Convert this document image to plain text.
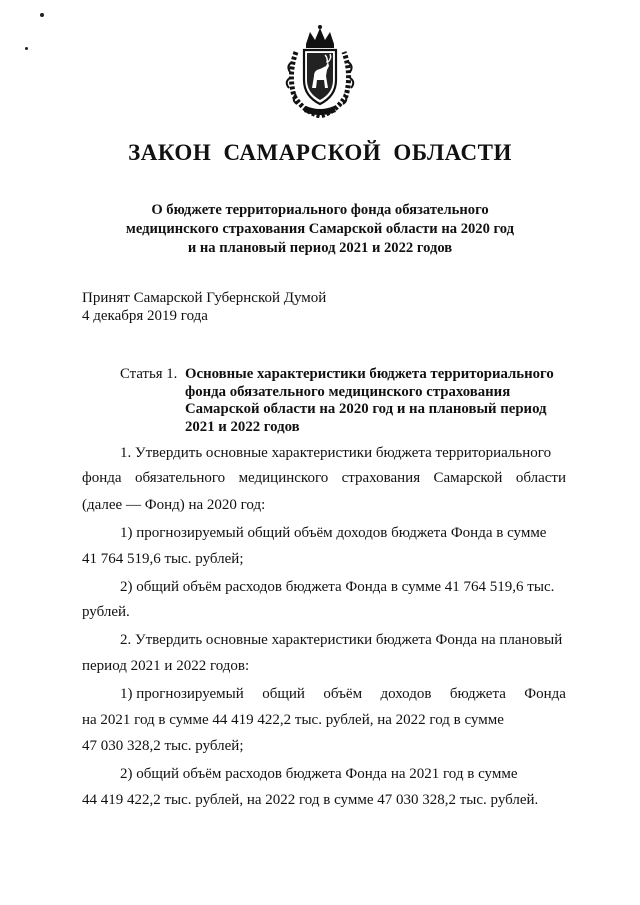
ЗАКОН САМАРСКОЙ ОБЛАСТИ
О бюджете территориального фонда обязательного
медицинского страхования Самарской области на 2020 год
и на плановый период 2021 и 2022 годов
Принят Самарской Губернской Думой
4 декабря 2019 года
Статья 1. Основные характеристики бюджета территориального
фонда обязательного медицинского страхования
Самарской области на 2020 год и на плановый период
2021 и 2022 годов
1. Утвердить основные характеристики бюджета территориального
фонда обязательного медицинского страхования Самарской области
(далее — Фонд) на 2020 год:
1) прогнозируемый общий объём доходов бюджета Фонда в сумме
41 764 519,6 тыс. рублей;
2) общий объём расходов бюджета Фонда в сумме 41 764 519,6 тыс.
рублей.
2. Утвердить основные характеристики бюджета Фонда на плановый
период 2021 и 2022 годов:
1) прогнозируемый общий объём доходов бюджета Фонда
на 2021 год в сумме 44 419 422,2 тыс. рублей, на 2022 год в сумме
47 030 328,2 тыс. рублей;
2) общий объём расходов бюджета Фонда на 2021 год в сумме
44 419 422,2 тыс. рублей, на 2022 год в сумме 47 030 328,2 тыс. рублей.
